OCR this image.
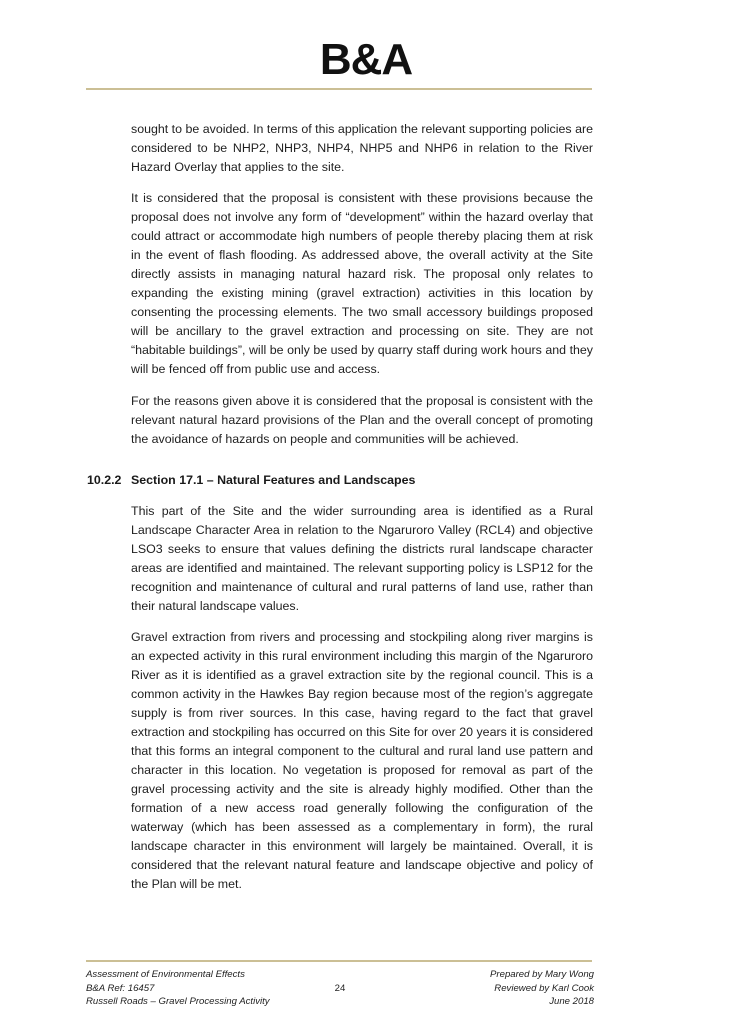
B&A

sought to be avoided. In terms of this application the relevant supporting policies are considered to be NHP2, NHP3, NHP4, NHP5 and NHP6 in relation to the River Hazard Overlay that applies to the site.

It is considered that the proposal is consistent with these provisions because the proposal does not involve any form of “development” within the hazard overlay that could attract or accommodate high numbers of people thereby placing them at risk in the event of flash flooding. As addressed above, the overall activity at the Site directly assists in managing natural hazard risk. The proposal only relates to expanding the existing mining (gravel extraction) activities in this location by consenting the processing elements. The two small accessory buildings proposed will be ancillary to the gravel extraction and processing on site. They are not “habitable buildings”, will be only be used by quarry staff during work hours and they will be fenced off from public use and access.

For the reasons given above it is considered that the proposal is consistent with the relevant natural hazard provisions of the Plan and the overall concept of promoting the avoidance of hazards on people and communities will be achieved.

10.2.2 Section 17.1 – Natural Features and Landscapes

This part of the Site and the wider surrounding area is identified as a Rural Landscape Character Area in relation to the Ngaruroro Valley (RCL4) and objective LSO3 seeks to ensure that values defining the districts rural landscape character areas are identified and maintained. The relevant supporting policy is LSP12 for the recognition and maintenance of cultural and rural patterns of land use, rather than their natural landscape values.

Gravel extraction from rivers and processing and stockpiling along river margins is an expected activity in this rural environment including this margin of the Ngaruroro River as it is identified as a gravel extraction site by the regional council. This is a common activity in the Hawkes Bay region because most of the region’s aggregate supply is from river sources. In this case, having regard to the fact that gravel extraction and stockpiling has occurred on this Site for over 20 years it is considered that this forms an integral component to the cultural and rural land use pattern and character in this location. No vegetation is proposed for removal as part of the gravel processing activity and the site is already highly modified. Other than the formation of a new access road generally following the configuration of the waterway (which has been assessed as a complementary in form), the rural landscape character in this environment will largely be maintained. Overall, it is considered that the relevant natural feature and landscape objective and policy of the Plan will be met.

Assessment of Environmental Effects
B&A Ref: 16457
Russell Roads – Gravel Processing Activity
24
Prepared by Mary Wong
Reviewed by Karl Cook
June 2018
